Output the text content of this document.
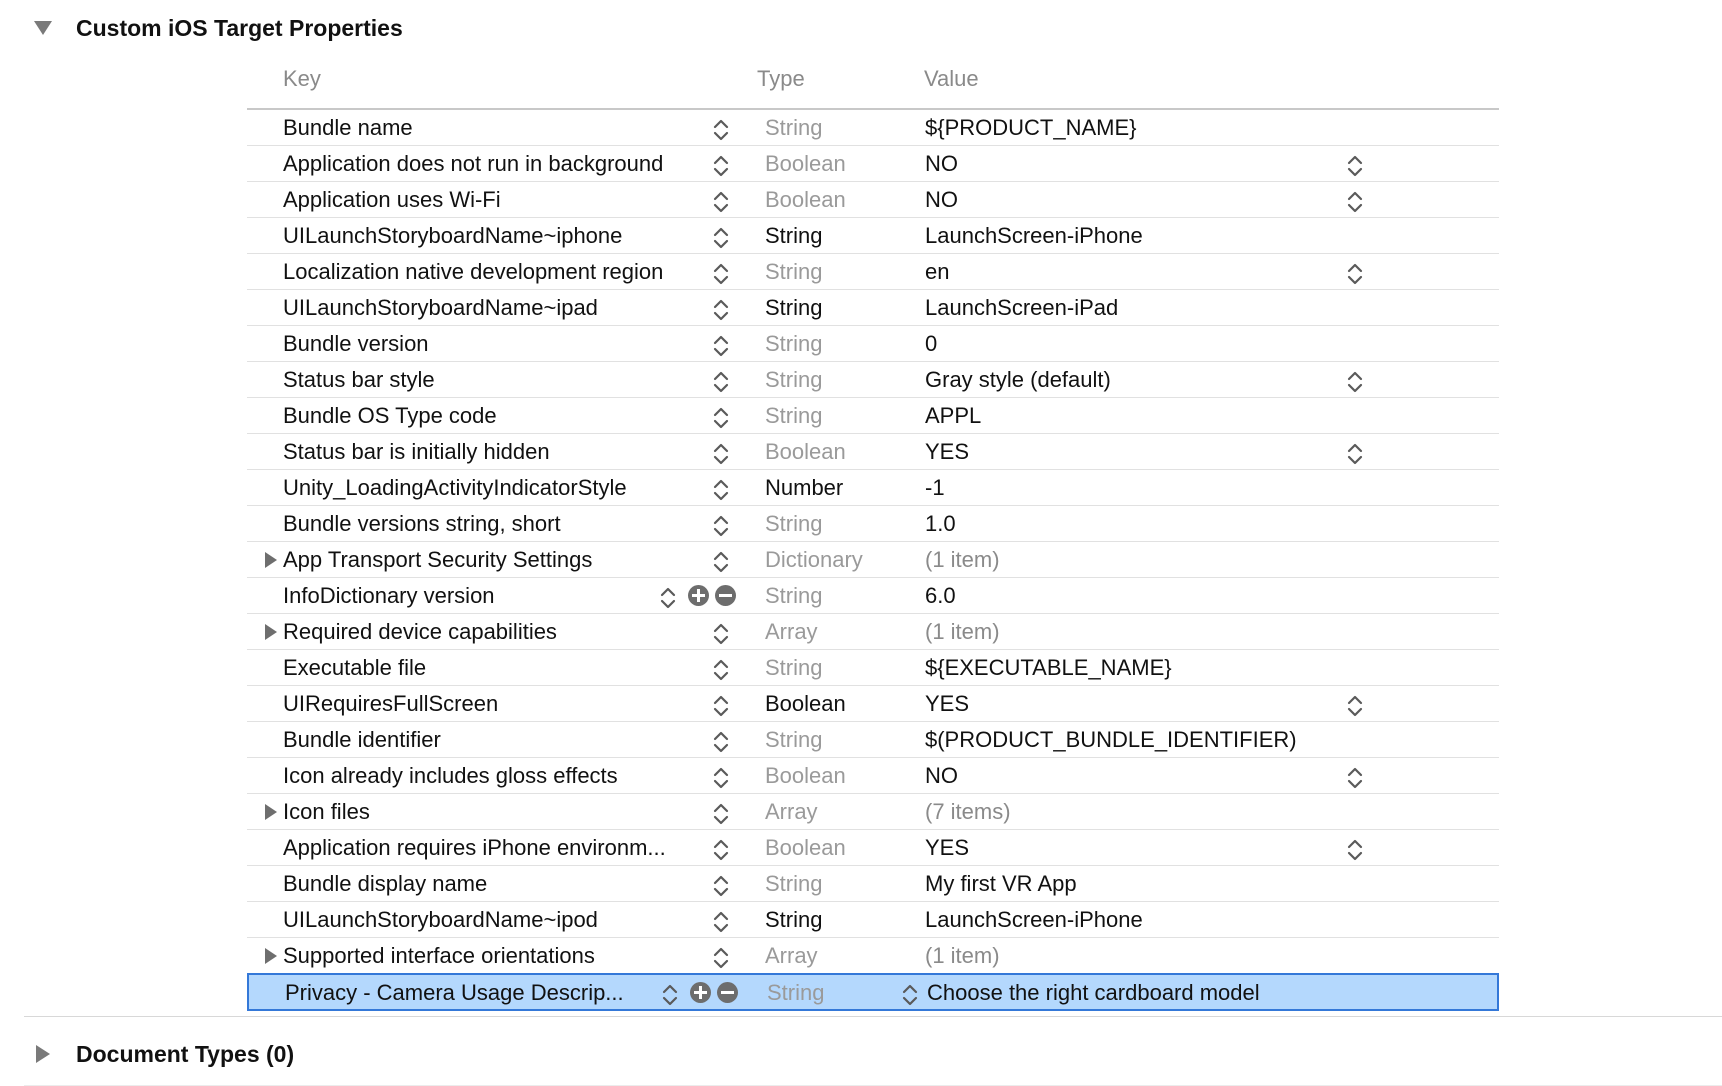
Custom iOS Target Properties
Key	Type	Value
Bundle name	String	${PRODUCT_NAME}
Application does not run in background	Boolean	NO
Application uses Wi-Fi	Boolean	NO
UILaunchStoryboardName~iphone	String	LaunchScreen-iPhone
Localization native development region	String	en
UILaunchStoryboardName~ipad	String	LaunchScreen-iPad
Bundle version	String	0
Status bar style	String	Gray style (default)
Bundle OS Type code	String	APPL
Status bar is initially hidden	Boolean	YES
Unity_LoadingActivityIndicatorStyle	Number	-1
Bundle versions string, short	String	1.0
App Transport Security Settings	Dictionary	(1 item)
InfoDictionary version	String	6.0
Required device capabilities	Array	(1 item)
Executable file	String	${EXECUTABLE_NAME}
UIRequiresFullScreen	Boolean	YES
Bundle identifier	String	$(PRODUCT_BUNDLE_IDENTIFIER)
Icon already includes gloss effects	Boolean	NO
Icon files	Array	(7 items)
Application requires iPhone environm...	Boolean	YES
Bundle display name	String	My first VR App
UILaunchStoryboardName~ipod	String	LaunchScreen-iPhone
Supported interface orientations	Array	(1 item)
Privacy - Camera Usage Descrip...	String	Choose the right cardboard model
Document Types (0)
